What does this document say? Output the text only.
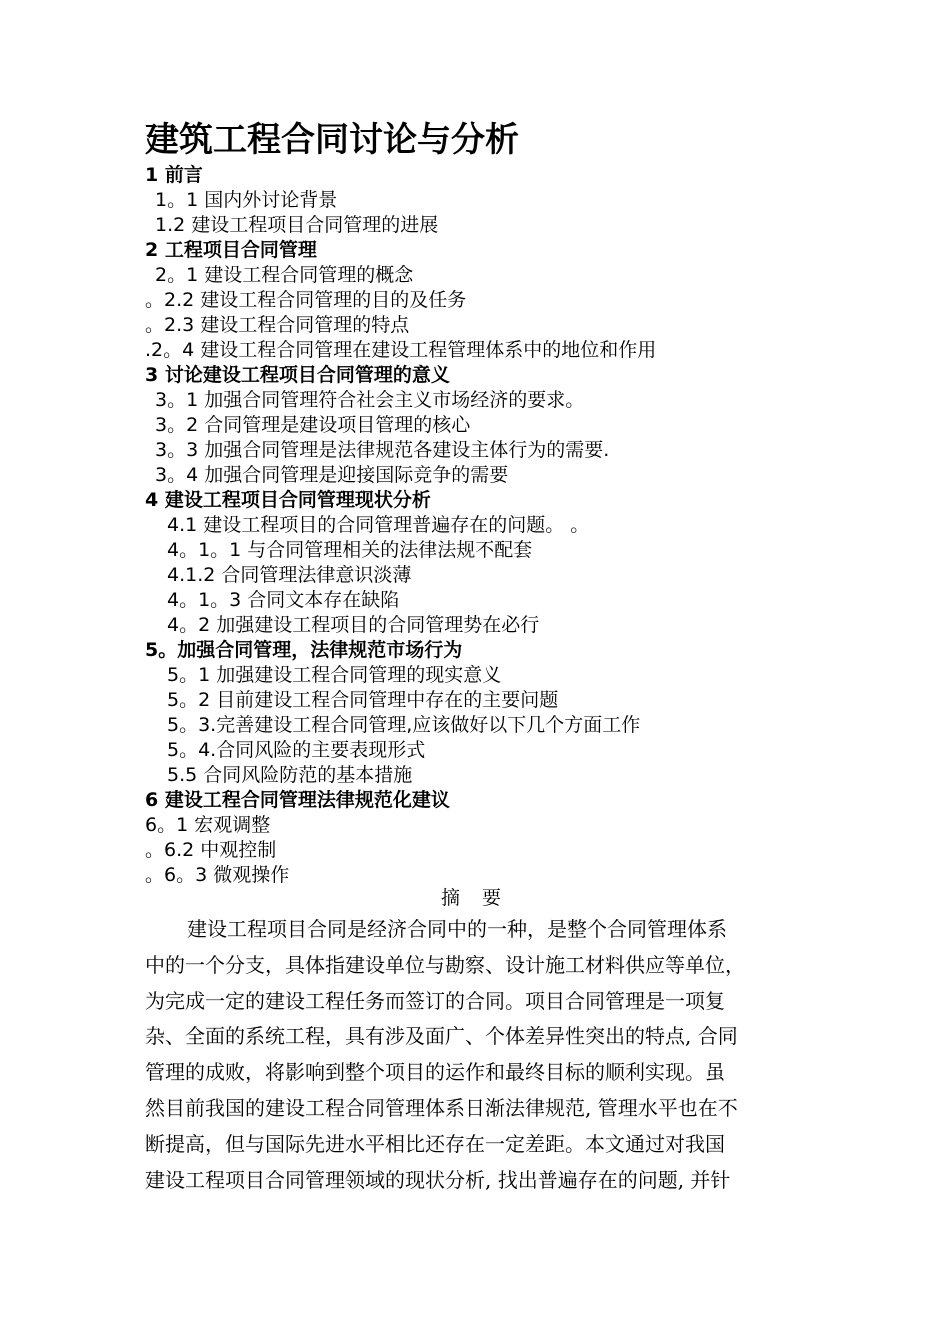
建筑工程合同讨论与分析
1 前言
1。1 国内外讨论背景
1.2 建设工程项目合同管理的进展
2 工程项目合同管理
2。1 建设工程合同管理的概念
。2.2 建设工程合同管理的目的及任务
。2.3 建设工程合同管理的特点
.2。4 建设工程合同管理在建设工程管理体系中的地位和作用
3 讨论建设工程项目合同管理的意义
3。1 加强合同管理符合社会主义市场经济的要求。
3。2 合同管理是建设项目管理的核心
3。3 加强合同管理是法律规范各建设主体行为的需要.
3。4 加强合同管理是迎接国际竞争的需要
4 建设工程项目合同管理现状分析
4.1 建设工程项目的合同管理普遍存在的问题。 。
4。1。1 与合同管理相关的法律法规不配套
4.1.2 合同管理法律意识淡薄
4。1。3 合同文本存在缺陷
4。2 加强建设工程项目的合同管理势在必行
5。加强合同管理，法律规范市场行为
5。1 加强建设工程合同管理的现实意义
5。2 目前建设工程合同管理中存在的主要问题
5。3.完善建设工程合同管理,应该做好以下几个方面工作
5。4.合同风险的主要表现形式
5.5 合同风险防范的基本措施
6 建设工程合同管理法律规范化建议
6。1 宏观调整
。6.2 中观控制
。6。3 微观操作
摘 要
建设工程项目合同是经济合同中的一种，是整个合同管理体系
中的一个分支，具体指建设单位与勘察、设计施工材料供应等单位，
为完成一定的建设工程任务而签订的合同。项目合同管理是一项复
杂、全面的系统工程，具有涉及面广、个体差异性突出的特点, 合同
管理的成败，将影响到整个项目的运作和最终目标的顺利实现。虽
然目前我国的建设工程合同管理体系日渐法律规范, 管理水平也在不
断提高，但与国际先进水平相比还存在一定差距。本文通过对我国
建设工程项目合同管理领域的现状分析, 找出普遍存在的问题, 并针
